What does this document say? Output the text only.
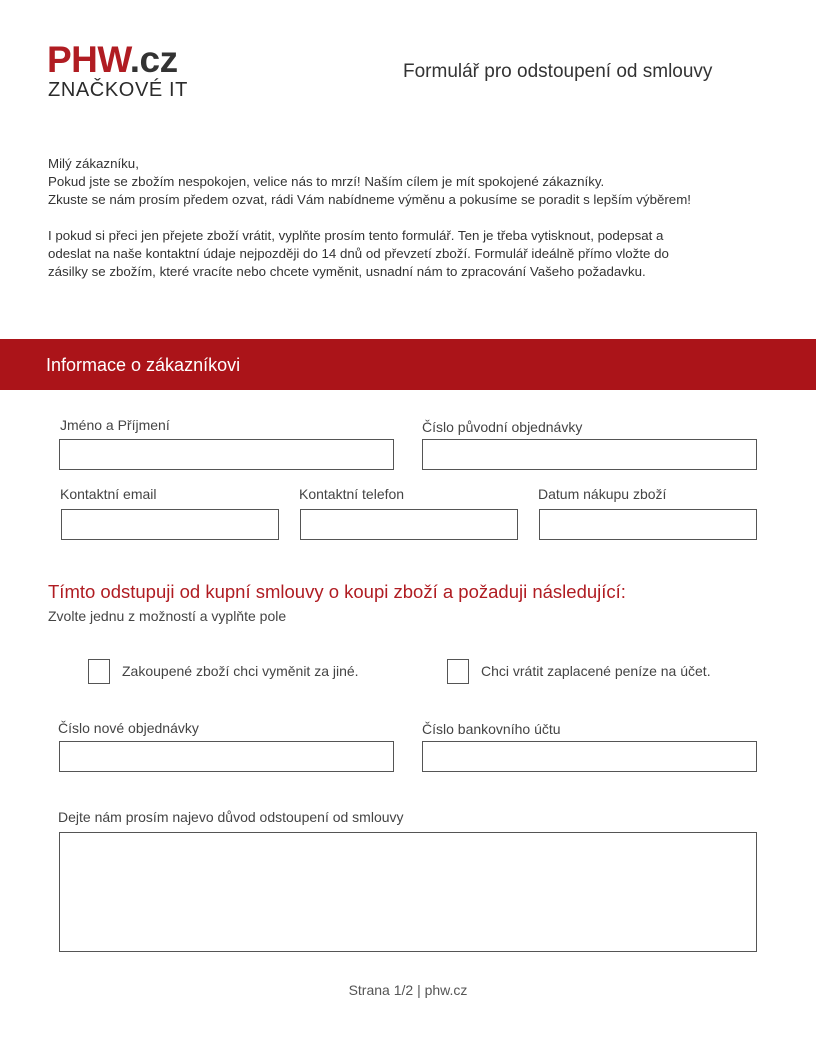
PHW.cz
ZNAČKOVÉ IT
Formulář pro odstoupení od smlouvy
Milý zákazníku,
Pokud jste se zbožím nespokojen, velice nás to mrzí! Naším cílem je mít spokojené zákazníky.
Zkuste se nám prosím předem ozvat, rádi Vám nabídneme výměnu a pokusíme se poradit s lepším výběrem!
I pokud si přeci jen přejete zboží vrátit, vyplňte prosím tento formulář. Ten je třeba vytisknout, podepsat a
odeslat na naše kontaktní údaje nejpozději do 14 dnů od převzetí zboží. Formulář ideálně přímo vložte do
zásilky se zbožím, které vracíte nebo chcete vyměnit, usnadní nám to zpracování Vašeho požadavku.
Informace o zákazníkovi
Jméno a Příjmení	Číslo původní objednávky
Kontaktní email	Kontaktní telefon	Datum nákupu zboží
Tímto odstupuji od kupní smlouvy o koupi zboží a požaduji následující:
Zvolte jednu z možností a vyplňte pole
Zakoupené zboží chci vyměnit za jiné.	Chci vrátit zaplacené peníze na účet.
Číslo nové objednávky	Číslo bankovního účtu
Dejte nám prosím najevo důvod odstoupení od smlouvy
Strana 1/2 | phw.cz
